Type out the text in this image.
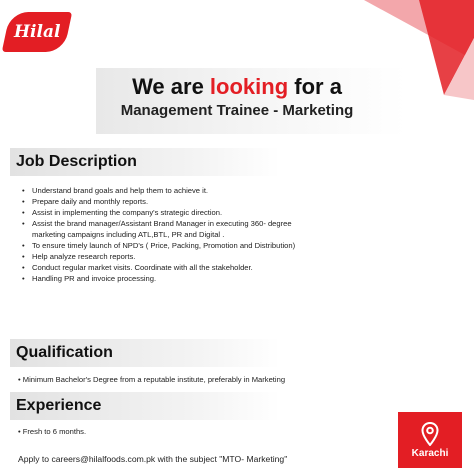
Hilal
We are looking for a
Management Trainee - Marketing
Job Description
• Understand brand goals and help them to achieve it.
• Prepare daily and monthly reports.
• Assist in implementing the company's strategic direction.
• Assist the brand manager/Assistant Brand Manager in executing 360- degree marketing campaigns including ATL,BTL, PR and Digital .
• To ensure timely launch of NPD's ( Price, Packing, Promotion and Distribution)
• Help analyze research reports.
• Conduct regular market visits. Coordinate with all the stakeholder.
• Handling PR and invoice processing.
Qualification
• Minimum Bachelor's Degree from a reputable institute, preferably in Marketing
Experience
• Fresh to 6 months.
Apply to careers@hilalfoods.com.pk with the subject "MTO- Marketing"
Karachi
